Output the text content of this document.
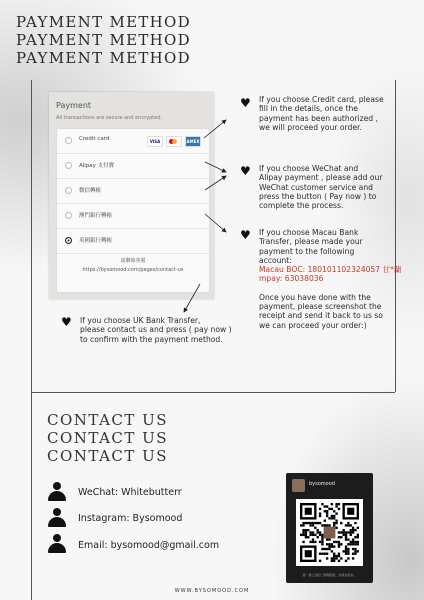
PAYMENT METHOD
PAYMENT METHOD
PAYMENT METHOD
Payment
All transactions are secure and encrypted.
Credit card	VISA	AMEX
Alipay 支付寶
微信轉帳
澳門銀行轉帳
英國銀行轉帳
請聯絡客服
https://bysomood.com/pages/contact-us
♥ If you choose Credit card, please
fill in the details, once the
payment has been authorized ,
we will proceed your order.
♥ If you choose WeChat and
Alipay payment , please add our
WeChat customer service and
press the button ( Pay now ) to
complete the process.
♥ If you choose Macau Bank
Transfer, please made your
payment to the following
account:
Macau BOC: 180101102324057 甘*蘭
mpay: 63038036
Once you have done with the
payment, please screenshot the
receipt and send it back to us so
we can proceed your order:)
♥ If you choose UK Bank Transfer,
please contact us and press ( pay now )
to confirm with the payment method.
CONTACT US
CONTACT US
CONTACT US
WeChat: Whitebutterr
Instagram: Bysomood
Email: bysomood@gmail.com
bysomood
掃一掃上面的二維碼圖案，加我為朋友。
WWW.BYSOMOOD.COM
